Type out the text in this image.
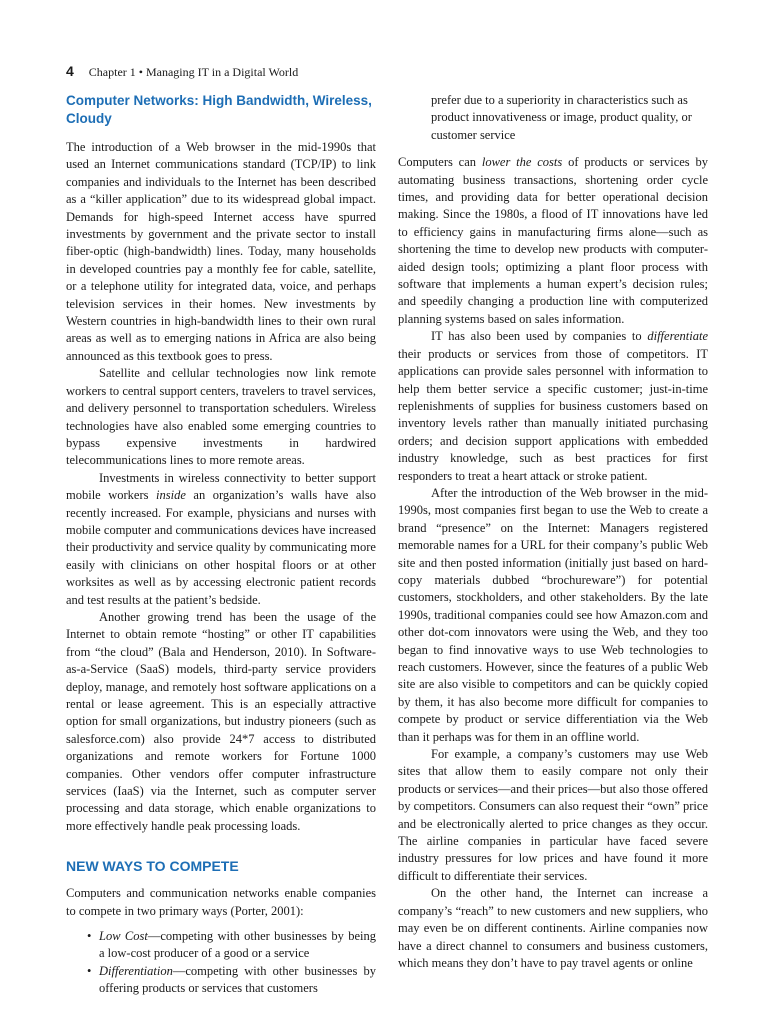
4 Chapter 1 • Managing IT in a Digital World
Computer Networks: High Bandwidth, Wireless, Cloudy

The introduction of a Web browser in the mid-1990s that used an Internet communications standard (TCP/IP) to link companies and individuals to the Internet has been described as a “killer application” due to its widespread global impact. Demands for high-speed Internet access have spurred investments by government and the private sector to install fiber-optic (high-bandwidth) lines. Today, many households in developed countries pay a monthly fee for cable, satellite, or a telephone utility for integrated data, voice, and perhaps television services in their homes. New investments by Western countries in high-bandwidth lines to their own rural areas as well as to emerging nations in Africa are also being announced as this textbook goes to press.

Satellite and cellular technologies now link remote workers to central support centers, travelers to travel services, and delivery personnel to transportation schedulers. Wireless technologies have also enabled some emerging countries to bypass expensive investments in hardwired telecommunications lines to more remote areas.

Investments in wireless connectivity to better support mobile workers inside an organization’s walls have also recently increased. For example, physicians and nurses with mobile computer and communications devices have increased their productivity and service quality by communicating more easily with clinicians on other hospital floors or at other worksites as well as by accessing electronic patient records and test results at the patient’s bedside.

Another growing trend has been the usage of the Internet to obtain remote “hosting” or other IT capabilities from “the cloud” (Bala and Henderson, 2010). In Software-as-a-Service (SaaS) models, third-party service providers deploy, manage, and remotely host software applications on a rental or lease agreement. This is an especially attractive option for small organizations, but industry pioneers (such as salesforce.com) also provide 24*7 access to distributed organizations and remote workers for Fortune 1000 companies. Other vendors offer computer infrastructure services (IaaS) via the Internet, such as computer server processing and data storage, which enable organizations to more effectively handle peak processing loads.

NEW WAYS TO COMPETE

Computers and communication networks enable companies to compete in two primary ways (Porter, 2001):

• Low Cost—competing with other businesses by being a low-cost producer of a good or a service
• Differentiation—competing with other businesses by offering products or services that customers

prefer due to a superiority in characteristics such as product innovativeness or image, product quality, or customer service

Computers can lower the costs of products or services by automating business transactions, shortening order cycle times, and providing data for better operational decision making. Since the 1980s, a flood of IT innovations have led to efficiency gains in manufacturing firms alone—such as shortening the time to develop new products with computer-aided design tools; optimizing a plant floor process with software that implements a human expert’s decision rules; and speedily changing a production line with computerized planning systems based on sales information.

IT has also been used by companies to differentiate their products or services from those of competitors. IT applications can provide sales personnel with information to help them better service a specific customer; just-in-time replenishments of supplies for business customers based on inventory levels rather than manually initiated purchasing orders; and decision support applications with embedded industry knowledge, such as best practices for first responders to treat a heart attack or stroke patient.

After the introduction of the Web browser in the mid-1990s, most companies first began to use the Web to create a brand “presence” on the Internet: Managers registered memorable names for a URL for their company’s public Web site and then posted information (initially just based on hard-copy materials dubbed “brochureware”) for potential customers, stockholders, and other stakeholders. By the late 1990s, traditional companies could see how Amazon.com and other dot-com innovators were using the Web, and they too began to find innovative ways to use Web technologies to reach customers. However, since the features of a public Web site are also visible to competitors and can be quickly copied by them, it has also become more difficult for companies to compete by product or service differentiation via the Web than it perhaps was for them in an offline world.

For example, a company’s customers may use Web sites that allow them to easily compare not only their products or services—and their prices—but also those offered by competitors. Consumers can also request their “own” price and be electronically alerted to price changes as they occur. The airline companies in particular have faced severe industry pressures for low prices and have found it more difficult to differentiate their services.

On the other hand, the Internet can increase a company’s “reach” to new customers and new suppliers, who may even be on different continents. Airline companies now have a direct channel to consumers and business customers, which means they don’t have to pay travel agents or online
